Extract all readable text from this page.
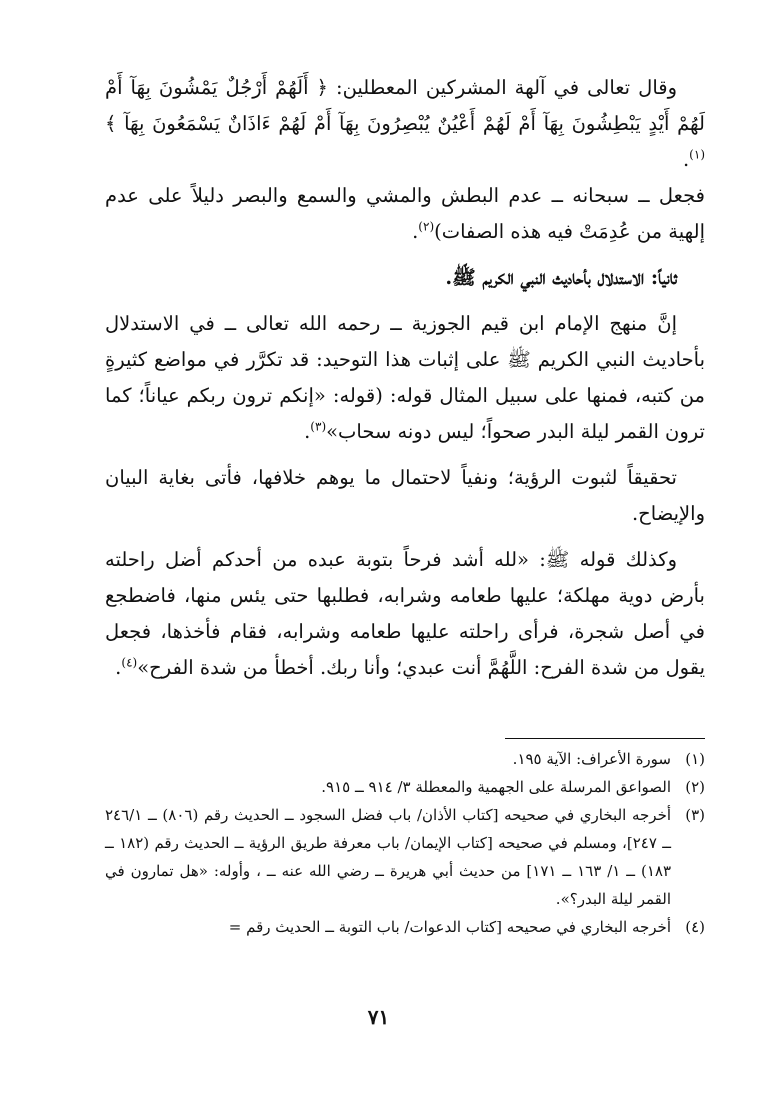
وقال تعالى في آلهة المشركين المعطلين: ﴿ أَلَهُمْ أَرْجُلٌ يَمْشُونَ بِهَآ أَمْ لَهُمْ أَيْدٍ يَبْطِشُونَ بِهَآ أَمْ لَهُمْ أَعْيُنٌ يُبْصِرُونَ بِهَآ أَمْ لَهُمْ ءَاذَانٌ يَسْمَعُونَ بِهَآ ﴾$^{(١)}$.

فجعل ــ سبحانه ــ عدم البطش والمشي والسمع والبصر دليلاً على عدم إلهية من عُدِمَتْ فيه هذه الصفات)$^{(٢)}$.

ثانياً: الاستدلال بأحاديث النبي الكريم ﷺ.

إنَّ منهج الإمام ابن قيم الجوزية ــ رحمه الله تعالى ــ في الاستدلال بأحاديث النبي الكريم ﷺ على إثبات هذا التوحيد: قد تكرَّر في مواضع كثيرةٍ من كتبه، فمنها على سبيل المثال قوله: (قوله: «إنكم ترون ربكم عياناً؛ كما ترون القمر ليلة البدر صحواً؛ ليس دونه سحاب»$^{(٣)}$.

تحقيقاً لثبوت الرؤية؛ ونفياً لاحتمال ما يوهم خلافها، فأتى بغاية البيان والإيضاح.

وكذلك قوله ﷺ: «لله أشد فرحاً بتوبة عبده من أحدكم أضل راحلته بأرض دوية مهلكة؛ عليها طعامه وشرابه، فطلبها حتى يئس منها، فاضطجع في أصل شجرة، فرأى راحلته عليها طعامه وشرابه، فقام فأخذها، فجعل يقول من شدة الفرح: اللَّهُمَّ أنت عبدي؛ وأنا ربك. أخطأ من شدة الفرح»$^{(٤)}$.

(١)سورة الأعراف: الآية ١٩٥.

(٢)الصواعق المرسلة على الجهمية والمعطلة ٣/ ٩١٤ ــ ٩١٥.

(٣)أخرجه البخاري في صحيحه [كتاب الأذان/ باب فضل السجود ــ الحديث رقم (٨٠٦) ــ ٢٤٦/١ ــ ٢٤٧]، ومسلم في صحيحه [كتاب الإيمان/ باب معرفة طريق الرؤية ــ الحديث رقم (١٨٢ ــ ١٨٣) ــ ١/ ١٦٣ ــ ١٧١] من حديث أبي هريرة ــ رضي الله عنه ــ ، وأوله: «هل تمارون في القمر ليلة البدر؟».

(٤)أخرجه البخاري في صحيحه [كتاب الدعوات/ باب التوبة ــ الحديث رقم =

٧١
